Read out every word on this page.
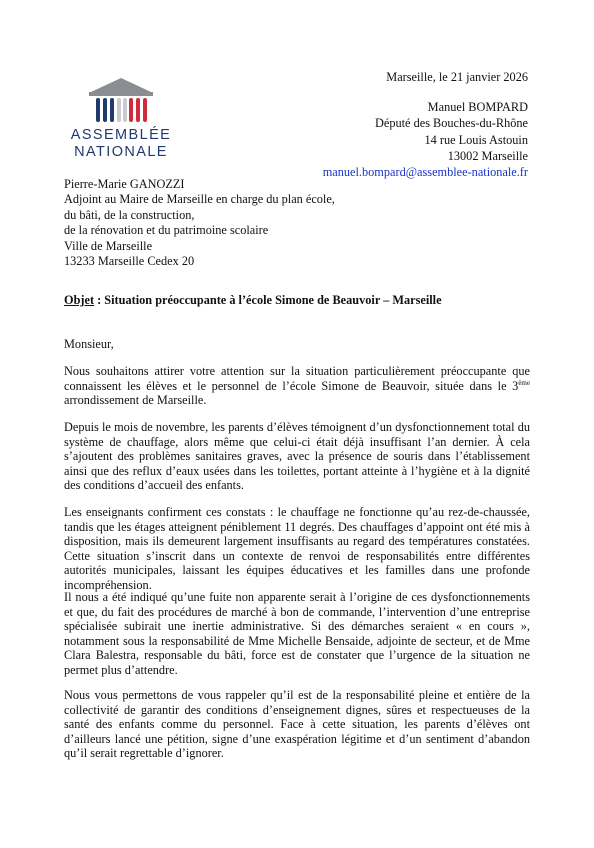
ASSEMBLÉE
NATIONALE
Marseille, le 21 janvier 2026
Manuel BOMPARD
Député des Bouches-du-Rhône
14 rue Louis Astouin
13002 Marseille
manuel.bompard@assemblee-nationale.fr
Pierre-Marie GANOZZI
Adjoint au Maire de Marseille en charge du plan école,
du bâti, de la construction,
de la rénovation et du patrimoine scolaire
Ville de Marseille
13233 Marseille Cedex 20
Objet : Situation préoccupante à l’école Simone de Beauvoir – Marseille
Monsieur,

Nous souhaitons attirer votre attention sur la situation particulièrement préoccupante que connaissent les élèves et le personnel de l’école Simone de Beauvoir, située dans le 3ème arrondissement de Marseille.

Depuis le mois de novembre, les parents d’élèves témoignent d’un dysfonctionnement total du système de chauffage, alors même que celui-ci était déjà insuffisant l’an dernier. À cela s’ajoutent des problèmes sanitaires graves, avec la présence de souris dans l’établissement ainsi que des reflux d’eaux usées dans les toilettes, portant atteinte à l’hygiène et à la dignité des conditions d’accueil des enfants.

Les enseignants confirment ces constats : le chauffage ne fonctionne qu’au rez-de-chaussée, tandis que les étages atteignent péniblement 11 degrés. Des chauffages d’appoint ont été mis à disposition, mais ils demeurent largement insuffisants au regard des températures constatées. Cette situation s’inscrit dans un contexte de renvoi de responsabilités entre différentes autorités municipales, laissant les équipes éducatives et les familles dans une profonde incompréhension.

Il nous a été indiqué qu’une fuite non apparente serait à l’origine de ces dysfonctionnements et que, du fait des procédures de marché à bon de commande, l’intervention d’une entreprise spécialisée subirait une inertie administrative. Si des démarches seraient « en cours », notamment sous la responsabilité de Mme Michelle Bensaide, adjointe de secteur, et de Mme Clara Balestra, responsable du bâti, force est de constater que l’urgence de la situation ne permet plus d’attendre.

Nous vous permettons de vous rappeler qu’il est de la responsabilité pleine et entière de la collectivité de garantir des conditions d’enseignement dignes, sûres et respectueuses de la santé des enfants comme du personnel. Face à cette situation, les parents d’élèves ont d’ailleurs lancé une pétition, signe d’une exaspération légitime et d’un sentiment d’abandon qu’il serait regrettable d’ignorer.
